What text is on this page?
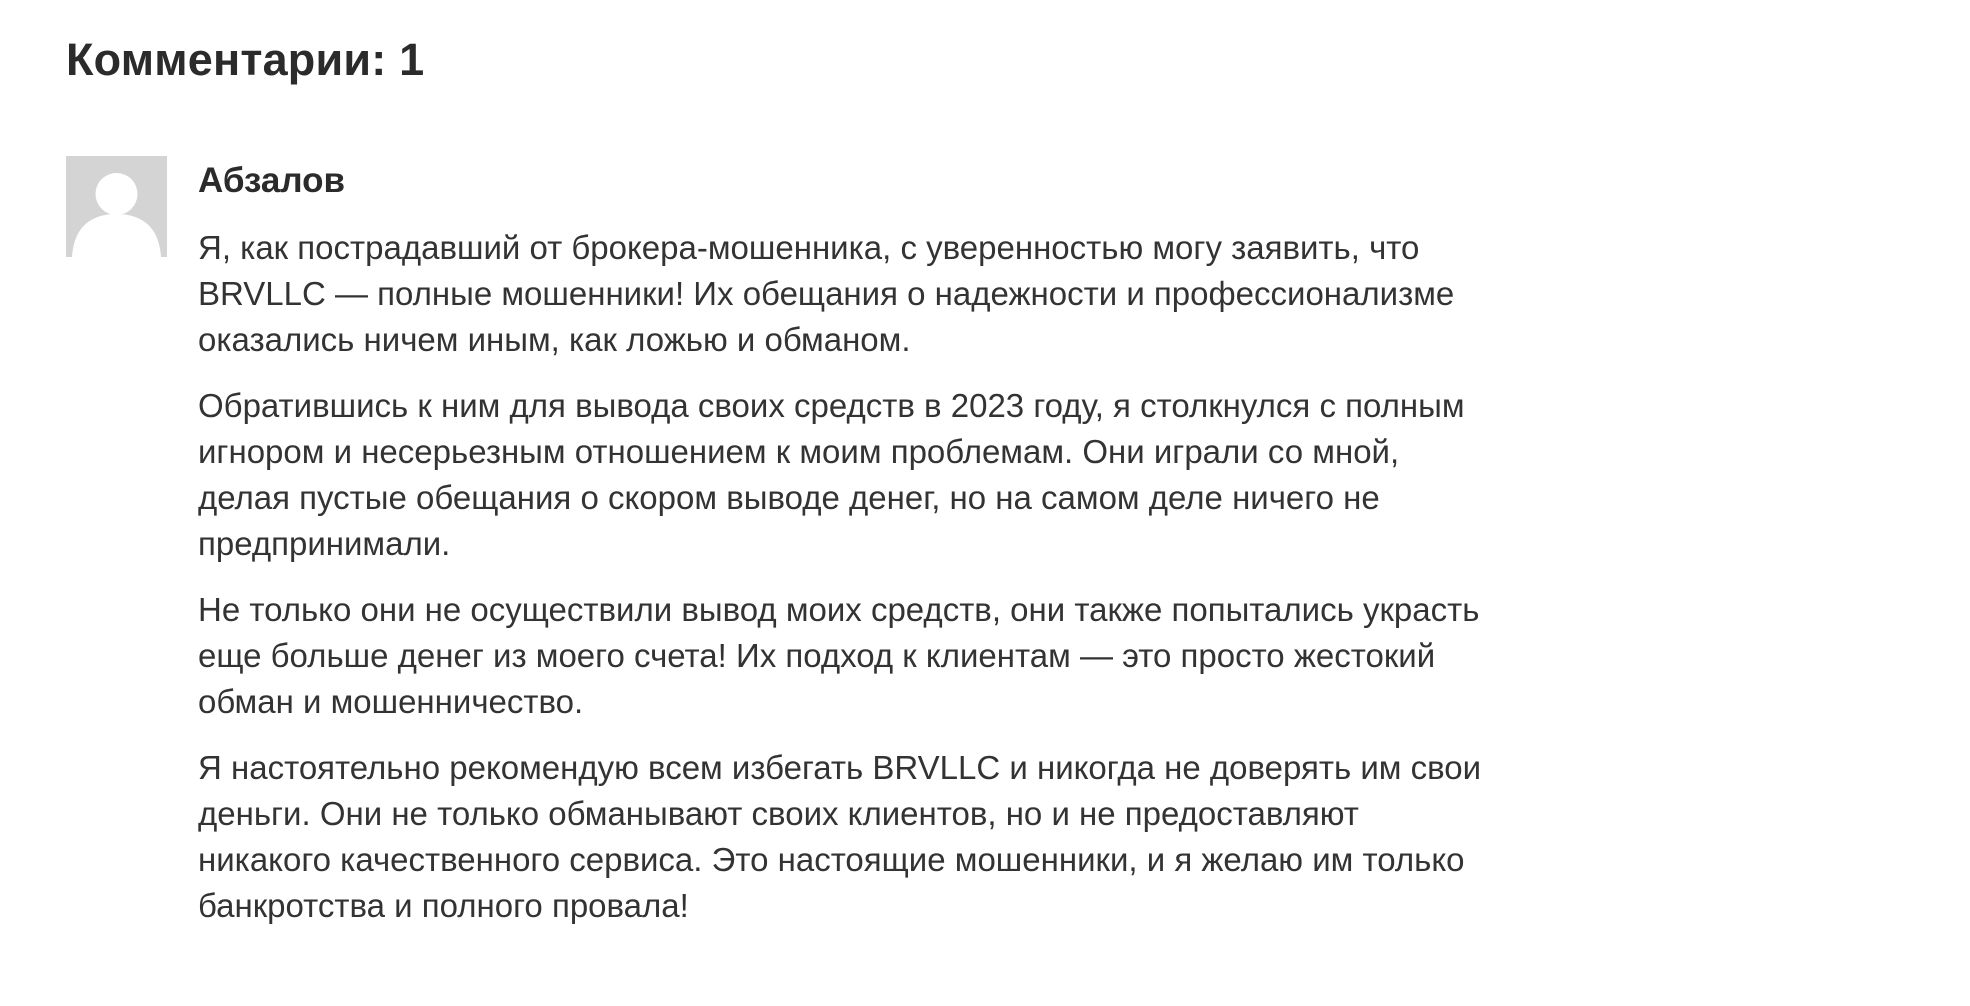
Комментарии: 1

Абзалов

Я, как пострадавший от брокера-мошенника, с уверенностью могу заявить, что BRVLLC — полные мошенники! Их обещания о надежности и профессионализме оказались ничем иным, как ложью и обманом.

Обратившись к ним для вывода своих средств в 2023 году, я столкнулся с полным игнором и несерьезным отношением к моим проблемам. Они играли со мной, делая пустые обещания о скором выводе денег, но на самом деле ничего не предпринимали.

Не только они не осуществили вывод моих средств, они также попытались украсть еще больше денег из моего счета! Их подход к клиентам — это просто жестокий обман и мошенничество.

Я настоятельно рекомендую всем избегать BRVLLC и никогда не доверять им свои деньги. Они не только обманывают своих клиентов, но и не предоставляют никакого качественного сервиса. Это настоящие мошенники, и я желаю им только банкротства и полного провала!
